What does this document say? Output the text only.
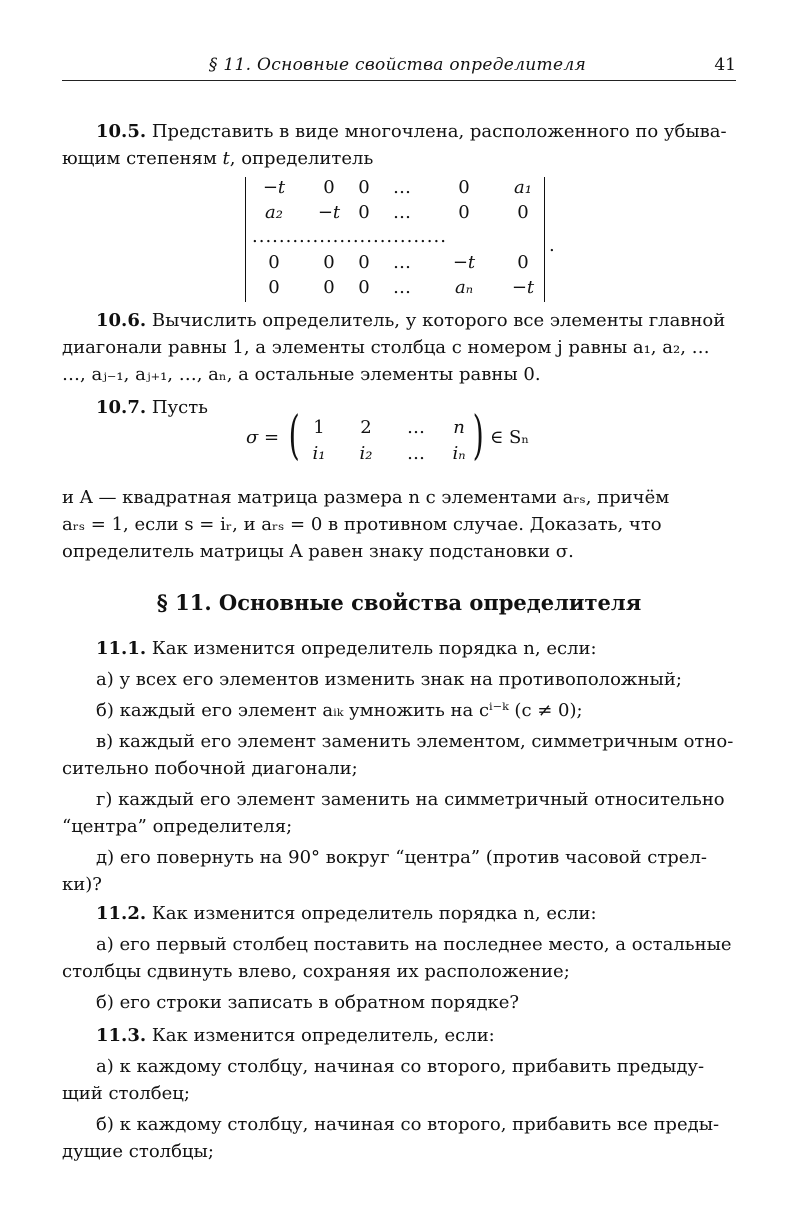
§ 11. Основные свойства определителя	41

10.5. Представить в виде многочлена, расположенного по убыва-

ющим степеням t, определитель

−t	0	0	…	0	a₁
a₂	−t	0	…	0	0
.............................
0	0	0	…	−t	0
0	0	0	…	aₙ	−t
.

10.6. Вычислить определитель, у которого все элементы главной

диагонали равны 1, а элементы столбца с номером j равны a₁, a₂, …

…, aⱼ₋₁, aⱼ₊₁, …, aₙ, а остальные элементы равны 0.

10.7. Пусть

σ = ( 1	2	…	n
i₁	i₂	…	iₙ ) ∈ Sₙ

и A — квадратная матрица размера n с элементами aᵣₛ, причём

aᵣₛ = 1, если s = iᵣ, и aᵣₛ = 0 в противном случае. Доказать, что

определитель матрицы A равен знаку подстановки σ.

§ 11. Основные свойства определителя

11.1. Как изменится определитель порядка n, если:

а) у всех его элементов изменить знак на противоположный;

б) каждый его элемент aᵢₖ умножить на cⁱ⁻ᵏ (c ≠ 0);

в) каждый его элемент заменить элементом, симметричным отно-

сительно побочной диагонали;

г) каждый его элемент заменить на симметричный относительно

“центра” определителя;

д) его повернуть на 90° вокруг “центра” (против часовой стрел-

ки)?

11.2. Как изменится определитель порядка n, если:

а) его первый столбец поставить на последнее место, а остальные

столбцы сдвинуть влево, сохраняя их расположение;

б) его строки записать в обратном порядке?

11.3. Как изменится определитель, если:

а) к каждому столбцу, начиная со второго, прибавить предыду-

щий столбец;

б) к каждому столбцу, начиная со второго, прибавить все преды-

дущие столбцы;
